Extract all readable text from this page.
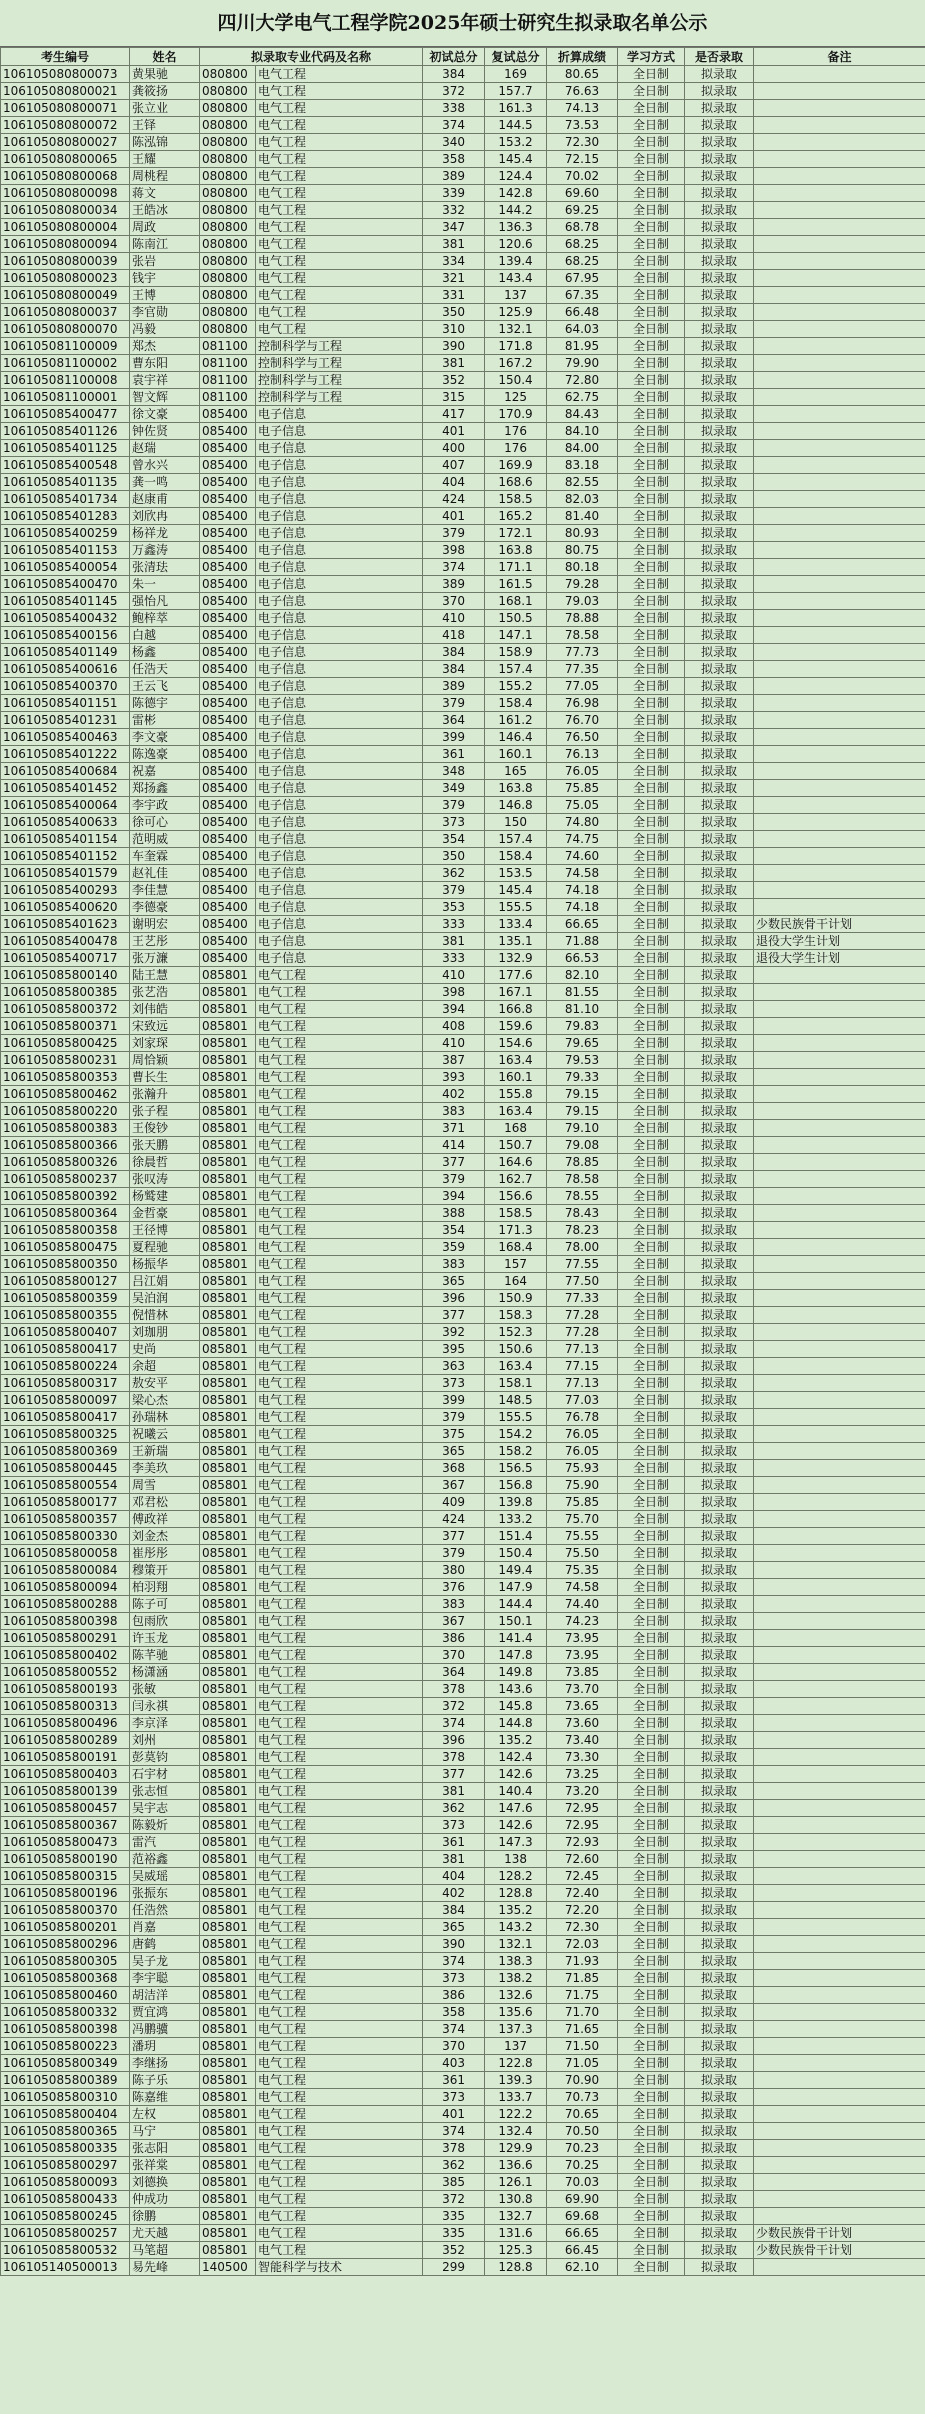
四川大学电气工程学院2025年硕士研究生拟录取名单公示
考生编号	姓名	拟录取专业代码及名称		初试总分	复试总分	折算成绩	学习方式	是否录取	备注
106105080800073	黄果驰	080800	电气工程	384	169	80.65	全日制	拟录取	
106105080800021	龚筱扬	080800	电气工程	372	157.7	76.63	全日制	拟录取	
106105080800071	张立业	080800	电气工程	338	161.3	74.13	全日制	拟录取	
106105080800072	王铎	080800	电气工程	374	144.5	73.53	全日制	拟录取	
106105080800027	陈泓锦	080800	电气工程	340	153.2	72.30	全日制	拟录取	
106105080800065	王耀	080800	电气工程	358	145.4	72.15	全日制	拟录取	
106105080800068	周桃程	080800	电气工程	389	124.4	70.02	全日制	拟录取	
106105080800098	蒋文	080800	电气工程	339	142.8	69.60	全日制	拟录取	
106105080800034	王皓冰	080800	电气工程	332	144.2	69.25	全日制	拟录取	
106105080800004	周政	080800	电气工程	347	136.3	68.78	全日制	拟录取	
106105080800094	陈南江	080800	电气工程	381	120.6	68.25	全日制	拟录取	
106105080800039	张岩	080800	电气工程	334	139.4	68.25	全日制	拟录取	
106105080800023	钱宇	080800	电气工程	321	143.4	67.95	全日制	拟录取	
106105080800049	王博	080800	电气工程	331	137	67.35	全日制	拟录取	
106105080800037	李官勋	080800	电气工程	350	125.9	66.48	全日制	拟录取	
106105080800070	冯毅	080800	电气工程	310	132.1	64.03	全日制	拟录取	
106105081100009	郑杰	081100	控制科学与工程	390	171.8	81.95	全日制	拟录取	
106105081100002	曹东阳	081100	控制科学与工程	381	167.2	79.90	全日制	拟录取	
106105081100008	袁宇祥	081100	控制科学与工程	352	150.4	72.80	全日制	拟录取	
106105081100001	智文辉	081100	控制科学与工程	315	125	62.75	全日制	拟录取	
106105085400477	徐文豪	085400	电子信息	417	170.9	84.43	全日制	拟录取	
106105085401126	钟佐贤	085400	电子信息	401	176	84.10	全日制	拟录取	
106105085401125	赵瑞	085400	电子信息	400	176	84.00	全日制	拟录取	
106105085400548	曾水兴	085400	电子信息	407	169.9	83.18	全日制	拟录取	
106105085401135	龚一鸣	085400	电子信息	404	168.6	82.55	全日制	拟录取	
106105085401734	赵康甫	085400	电子信息	424	158.5	82.03	全日制	拟录取	
106105085401283	刘欣冉	085400	电子信息	401	165.2	81.40	全日制	拟录取	
106105085400259	杨祥龙	085400	电子信息	379	172.1	80.93	全日制	拟录取	
106105085401153	万鑫涛	085400	电子信息	398	163.8	80.75	全日制	拟录取	
106105085400054	张清珐	085400	电子信息	374	171.1	80.18	全日制	拟录取	
106105085400470	朱一	085400	电子信息	389	161.5	79.28	全日制	拟录取	
106105085401145	强怡凡	085400	电子信息	370	168.1	79.03	全日制	拟录取	
106105085400432	鲍梓萃	085400	电子信息	410	150.5	78.88	全日制	拟录取	
106105085400156	白越	085400	电子信息	418	147.1	78.58	全日制	拟录取	
106105085401149	杨鑫	085400	电子信息	384	158.9	77.73	全日制	拟录取	
106105085400616	任浩天	085400	电子信息	384	157.4	77.35	全日制	拟录取	
106105085400370	王云飞	085400	电子信息	389	155.2	77.05	全日制	拟录取	
106105085401151	陈德宇	085400	电子信息	379	158.4	76.98	全日制	拟录取	
106105085401231	雷彬	085400	电子信息	364	161.2	76.70	全日制	拟录取	
106105085400463	李文豪	085400	电子信息	399	146.4	76.50	全日制	拟录取	
106105085401222	陈逸豪	085400	电子信息	361	160.1	76.13	全日制	拟录取	
106105085400684	祝嘉	085400	电子信息	348	165	76.05	全日制	拟录取	
106105085401452	郑扬鑫	085400	电子信息	349	163.8	75.85	全日制	拟录取	
106105085400064	李宇政	085400	电子信息	379	146.8	75.05	全日制	拟录取	
106105085400633	徐可心	085400	电子信息	373	150	74.80	全日制	拟录取	
106105085401154	范明威	085400	电子信息	354	157.4	74.75	全日制	拟录取	
106105085401152	车奎霖	085400	电子信息	350	158.4	74.60	全日制	拟录取	
106105085401579	赵礼佳	085400	电子信息	362	153.5	74.58	全日制	拟录取	
106105085400293	李佳慧	085400	电子信息	379	145.4	74.18	全日制	拟录取	
106105085400620	李德豪	085400	电子信息	353	155.5	74.18	全日制	拟录取	
106105085401623	谢明宏	085400	电子信息	333	133.4	66.65	全日制	拟录取	少数民族骨干计划
106105085400478	王艺彤	085400	电子信息	381	135.1	71.88	全日制	拟录取	退役大学生计划
106105085400717	张万濂	085400	电子信息	333	132.9	66.53	全日制	拟录取	退役大学生计划
106105085800140	陆王慧	085801	电气工程	410	177.6	82.10	全日制	拟录取	
106105085800385	张艺浩	085801	电气工程	398	167.1	81.55	全日制	拟录取	
106105085800372	刘伟皓	085801	电气工程	394	166.8	81.10	全日制	拟录取	
106105085800371	宋致远	085801	电气工程	408	159.6	79.83	全日制	拟录取	
106105085800425	刘家琛	085801	电气工程	410	154.6	79.65	全日制	拟录取	
106105085800231	周恰颖	085801	电气工程	387	163.4	79.53	全日制	拟录取	
106105085800353	曹长生	085801	电气工程	393	160.1	79.33	全日制	拟录取	
106105085800462	张瀚升	085801	电气工程	402	155.8	79.15	全日制	拟录取	
106105085800220	张子程	085801	电气工程	383	163.4	79.15	全日制	拟录取	
106105085800383	王俊钞	085801	电气工程	371	168	79.10	全日制	拟录取	
106105085800366	张天鹏	085801	电气工程	414	150.7	79.08	全日制	拟录取	
106105085800326	徐晨哲	085801	电气工程	377	164.6	78.85	全日制	拟录取	
106105085800237	张叹涛	085801	电气工程	379	162.7	78.58	全日制	拟录取	
106105085800392	杨鹫建	085801	电气工程	394	156.6	78.55	全日制	拟录取	
106105085800364	金哲豪	085801	电气工程	388	158.5	78.43	全日制	拟录取	
106105085800358	王径博	085801	电气工程	354	171.3	78.23	全日制	拟录取	
106105085800475	夏程驰	085801	电气工程	359	168.4	78.00	全日制	拟录取	
106105085800350	杨振华	085801	电气工程	383	157	77.55	全日制	拟录取	
106105085800127	吕江娟	085801	电气工程	365	164	77.50	全日制	拟录取	
106105085800359	吴泊润	085801	电气工程	396	150.9	77.33	全日制	拟录取	
106105085800355	倪惜林	085801	电气工程	377	158.3	77.28	全日制	拟录取	
106105085800407	刘珈朋	085801	电气工程	392	152.3	77.28	全日制	拟录取	
106105085800417	史尚	085801	电气工程	395	150.6	77.13	全日制	拟录取	
106105085800224	余超	085801	电气工程	363	163.4	77.15	全日制	拟录取	
106105085800317	敖安平	085801	电气工程	373	158.1	77.13	全日制	拟录取	
106105085800097	梁心杰	085801	电气工程	399	148.5	77.03	全日制	拟录取	
106105085800417	孙瑞林	085801	电气工程	379	155.5	76.78	全日制	拟录取	
106105085800325	祝曦云	085801	电气工程	375	154.2	76.05	全日制	拟录取	
106105085800369	王新瑞	085801	电气工程	365	158.2	76.05	全日制	拟录取	
106105085800445	李美玖	085801	电气工程	368	156.5	75.93	全日制	拟录取	
106105085800554	周雪	085801	电气工程	367	156.8	75.90	全日制	拟录取	
106105085800177	邓君松	085801	电气工程	409	139.8	75.85	全日制	拟录取	
106105085800357	傅政祥	085801	电气工程	424	133.2	75.70	全日制	拟录取	
106105085800330	刘金杰	085801	电气工程	377	151.4	75.55	全日制	拟录取	
106105085800058	崔彤彤	085801	电气工程	379	150.4	75.50	全日制	拟录取	
106105085800084	穆策开	085801	电气工程	380	149.4	75.35	全日制	拟录取	
106105085800094	柏羽翔	085801	电气工程	376	147.9	74.58	全日制	拟录取	
106105085800288	陈子可	085801	电气工程	383	144.4	74.40	全日制	拟录取	
106105085800398	包雨欣	085801	电气工程	367	150.1	74.23	全日制	拟录取	
106105085800291	许玉龙	085801	电气工程	386	141.4	73.95	全日制	拟录取	
106105085800402	陈芊驰	085801	电气工程	370	147.8	73.95	全日制	拟录取	
106105085800552	杨潇涵	085801	电气工程	364	149.8	73.85	全日制	拟录取	
106105085800193	张敏	085801	电气工程	378	143.6	73.70	全日制	拟录取	
106105085800313	闫永祺	085801	电气工程	372	145.8	73.65	全日制	拟录取	
106105085800496	李京泽	085801	电气工程	374	144.8	73.60	全日制	拟录取	
106105085800289	刘州	085801	电气工程	396	135.2	73.40	全日制	拟录取	
106105085800191	彭莫钧	085801	电气工程	378	142.4	73.30	全日制	拟录取	
106105085800403	石宇材	085801	电气工程	377	142.6	73.25	全日制	拟录取	
106105085800139	张志恒	085801	电气工程	381	140.4	73.20	全日制	拟录取	
106105085800457	吴宇志	085801	电气工程	362	147.6	72.95	全日制	拟录取	
106105085800367	陈毅炘	085801	电气工程	373	142.6	72.95	全日制	拟录取	
106105085800473	雷汽	085801	电气工程	361	147.3	72.93	全日制	拟录取	
106105085800190	范裕鑫	085801	电气工程	381	138	72.60	全日制	拟录取	
106105085800315	吴威瑶	085801	电气工程	404	128.2	72.45	全日制	拟录取	
106105085800196	张振东	085801	电气工程	402	128.8	72.40	全日制	拟录取	
106105085800370	任浩然	085801	电气工程	384	135.2	72.20	全日制	拟录取	
106105085800201	肖嘉	085801	电气工程	365	143.2	72.30	全日制	拟录取	
106105085800296	唐鹤	085801	电气工程	390	132.1	72.03	全日制	拟录取	
106105085800305	吴子龙	085801	电气工程	374	138.3	71.93	全日制	拟录取	
106105085800368	李宇聪	085801	电气工程	373	138.2	71.85	全日制	拟录取	
106105085800460	胡洁洋	085801	电气工程	386	132.6	71.75	全日制	拟录取	
106105085800332	贾宜鸿	085801	电气工程	358	135.6	71.70	全日制	拟录取	
106105085800398	冯鹏骥	085801	电气工程	374	137.3	71.65	全日制	拟录取	
106105085800223	潘玥	085801	电气工程	370	137	71.50	全日制	拟录取	
106105085800349	李继扬	085801	电气工程	403	122.8	71.05	全日制	拟录取	
106105085800389	陈子乐	085801	电气工程	361	139.3	70.90	全日制	拟录取	
106105085800310	陈嘉维	085801	电气工程	373	133.7	70.73	全日制	拟录取	
106105085800404	左权	085801	电气工程	401	122.2	70.65	全日制	拟录取	
106105085800365	马宁	085801	电气工程	374	132.4	70.50	全日制	拟录取	
106105085800335	张志阳	085801	电气工程	378	129.9	70.23	全日制	拟录取	
106105085800297	张祥棠	085801	电气工程	362	136.6	70.25	全日制	拟录取	
106105085800093	刘德换	085801	电气工程	385	126.1	70.03	全日制	拟录取	
106105085800433	仲成功	085801	电气工程	372	130.8	69.90	全日制	拟录取	
106105085800245	徐鹏	085801	电气工程	335	132.7	69.68	全日制	拟录取	
106105085800257	尤天越	085801	电气工程	335	131.6	66.65	全日制	拟录取	少数民族骨干计划
106105085800532	马笔超	085801	电气工程	352	125.3	66.45	全日制	拟录取	少数民族骨干计划
106105140500013	易先峰	140500	智能科学与技术	299	128.8	62.10	全日制	拟录取	
